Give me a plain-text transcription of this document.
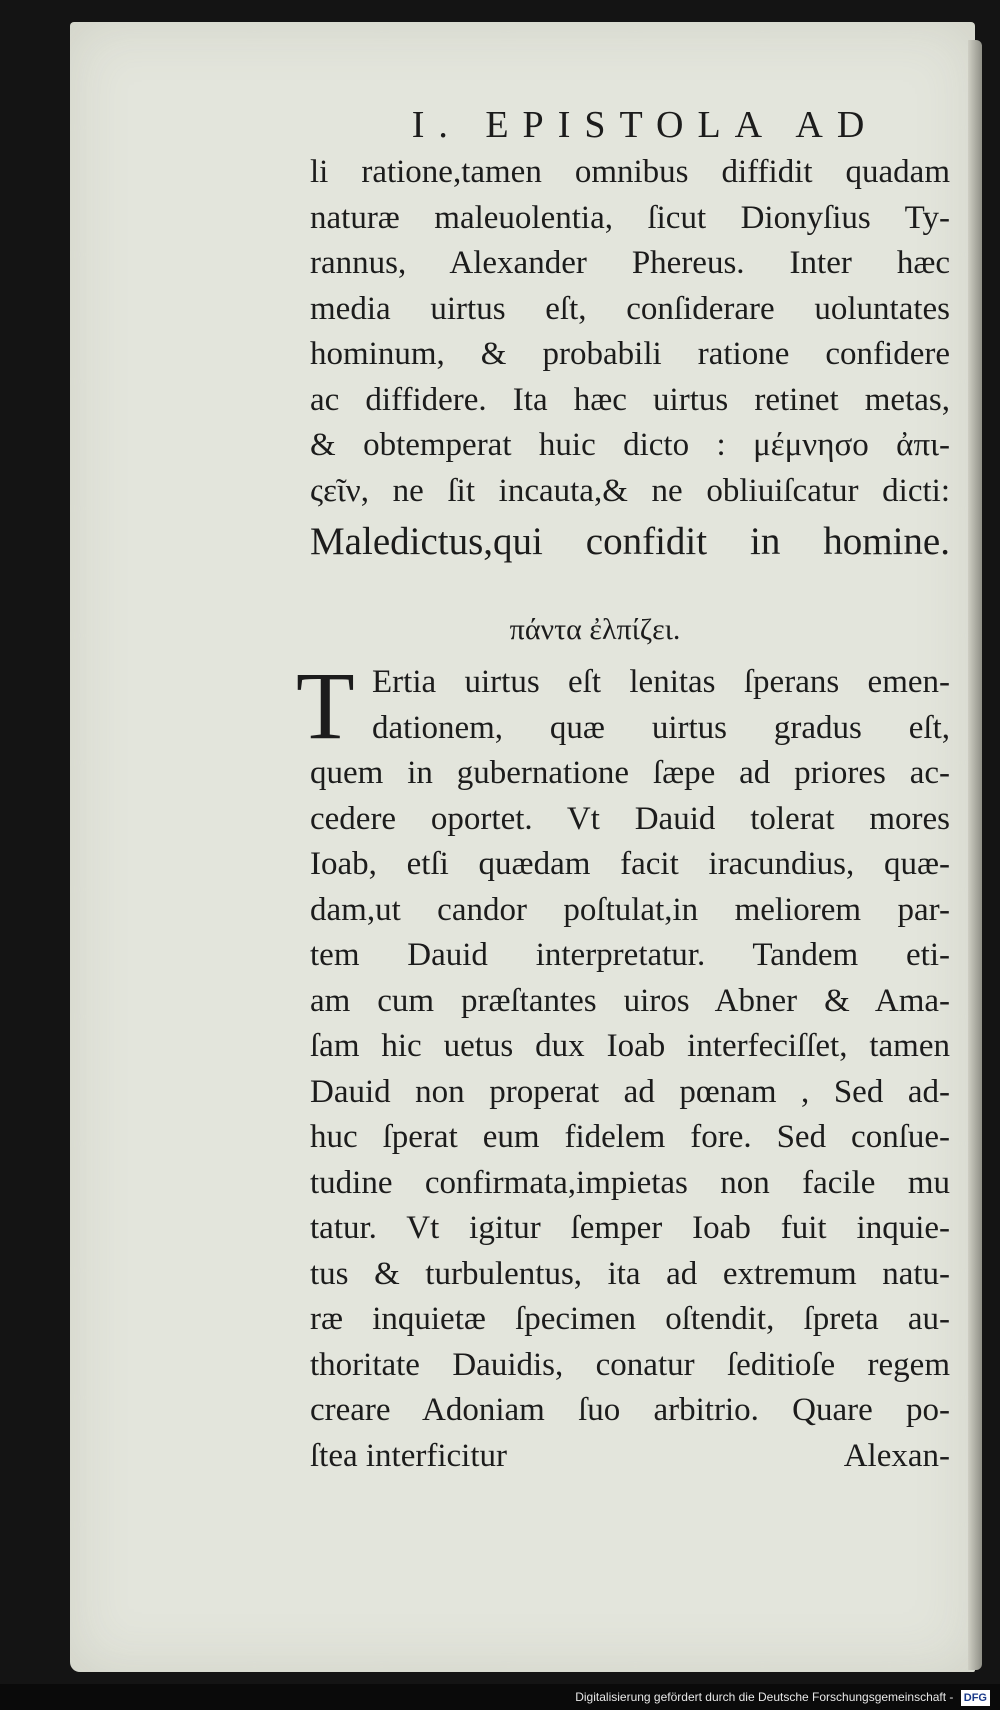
I. EPISTOLA AD
li ratione,tamen omnibus diffidit quadam
naturæ maleuolentia, ſicut Dionyſius Ty-
rannus, Alexander Phereus. Inter hæc
media uirtus eſt, conſiderare uoluntates
hominum, & probabili ratione confidere
ac diffidere. Ita hæc uirtus retinet metas,
& obtemperat huic dicto : μέμνησο ἀπι-
ςεῖν, ne ſit incauta,& ne obliuiſcatur dicti:
Maledictus,qui confidit in homine.
πάντα ἐλπίζει.
T Ertia uirtus eſt lenitas ſperans emen-
dationem, quæ uirtus gradus eſt,
quem in gubernatione ſæpe ad priores ac-
cedere oportet. Vt Dauid tolerat mores
Ioab, etſi quædam facit iracundius, quæ-
dam,ut candor poſtulat,in meliorem par-
tem Dauid interpretatur. Tandem eti-
am cum præſtantes uiros Abner & Ama-
ſam hic uetus dux Ioab interfeciſſet, tamen
Dauid non properat ad pœnam , Sed ad-
huc ſperat eum fidelem fore. Sed conſue-
tudine confirmata,impietas non facile mu
tatur. Vt igitur ſemper Ioab fuit inquie-
tus & turbulentus, ita ad extremum natu-
ræ inquietæ ſpecimen oſtendit, ſpreta au-
thoritate Dauidis, conatur ſeditioſe regem
creare Adoniam ſuo arbitrio. Quare po-
ſtea interficitur	Alexan-
Digitalisierung gefördert durch die Deutsche Forschungsgemeinschaft - DFG
